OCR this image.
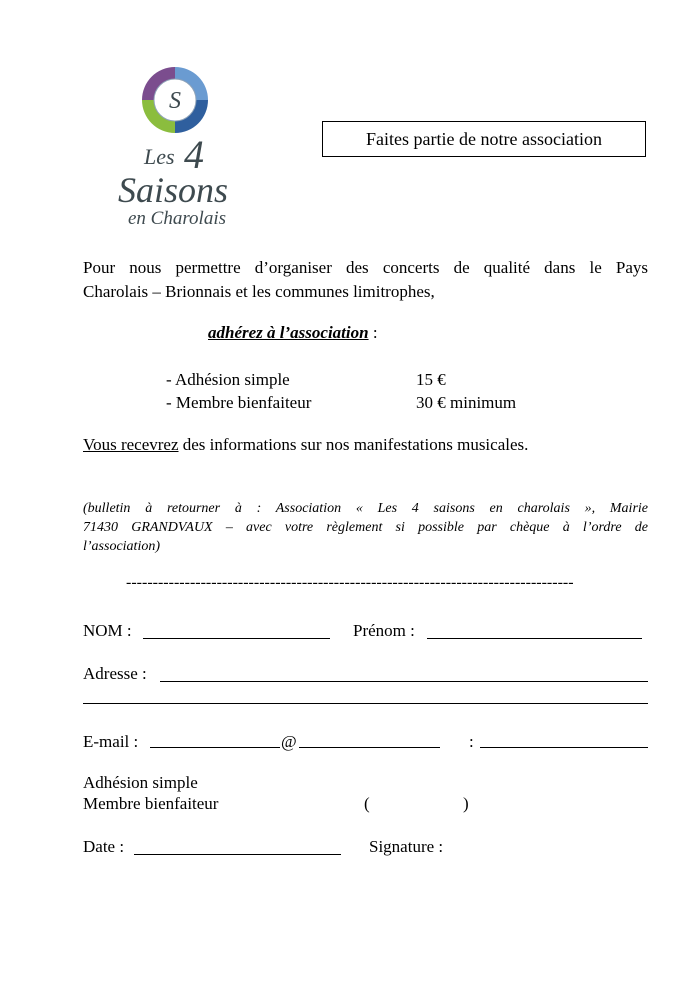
S
Les 4
Saisons
en Charolais
Faites partie de notre association
Pour nous permettre d’organiser des concerts de qualité dans le Pays
Charolais – Brionnais et les communes limitrophes,
adhérez à l’association :
- Adhésion simple	15 €
- Membre bienfaiteur	30 € minimum
Vous recevrez des informations sur nos manifestations musicales.
(bulletin à retourner à : Association « Les 4 saisons en charolais », Mairie
71430 GRANDVAUX – avec votre règlement si possible par chèque à l’ordre de
l’association)
------------------------------------------------------------------------------------
NOM :	Prénom :
Adresse :
E-mail :	@	:
Adhésion simple
Membre bienfaiteur	(	)
Date :	Signature :
